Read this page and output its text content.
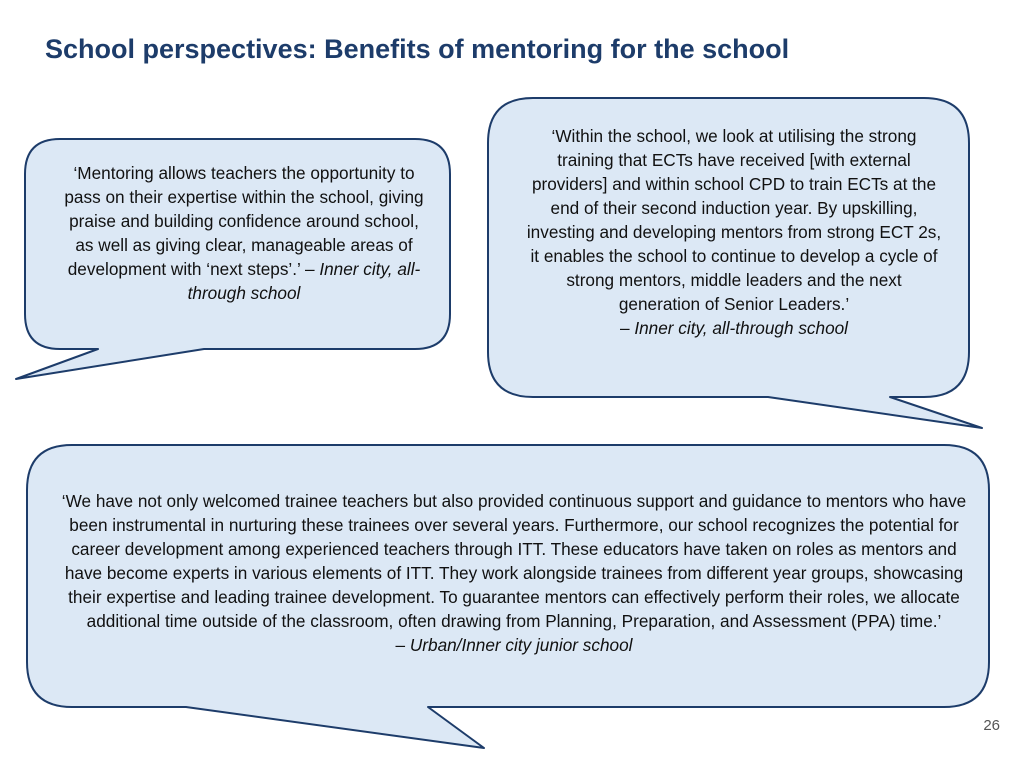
School perspectives: Benefits of mentoring for the school
‘Mentoring allows teachers the opportunity to pass on their expertise within the school, giving praise and building confidence around school, as well as giving clear, manageable areas of development with ‘next steps’.’ – Inner city, all-through school
‘Within the school, we look at utilising the strong training that ECTs have received [with external providers] and within school CPD to train ECTs at the end of their second induction year. By upskilling, investing and developing mentors from strong ECT 2s, it enables the school to continue to develop a cycle of strong mentors, middle leaders and the next generation of Senior Leaders.’
– Inner city, all-through school
‘We have not only welcomed trainee teachers but also provided continuous support and guidance to mentors who have been instrumental in nurturing these trainees over several years. Furthermore, our school recognizes the potential for career development among experienced teachers through ITT. These educators have taken on roles as mentors and have become experts in various elements of ITT. They work alongside trainees from different year groups, showcasing their expertise and leading trainee development. To guarantee mentors can effectively perform their roles, we allocate additional time outside of the classroom, often drawing from Planning, Preparation, and Assessment (PPA) time.’
– Urban/Inner city junior school
26
